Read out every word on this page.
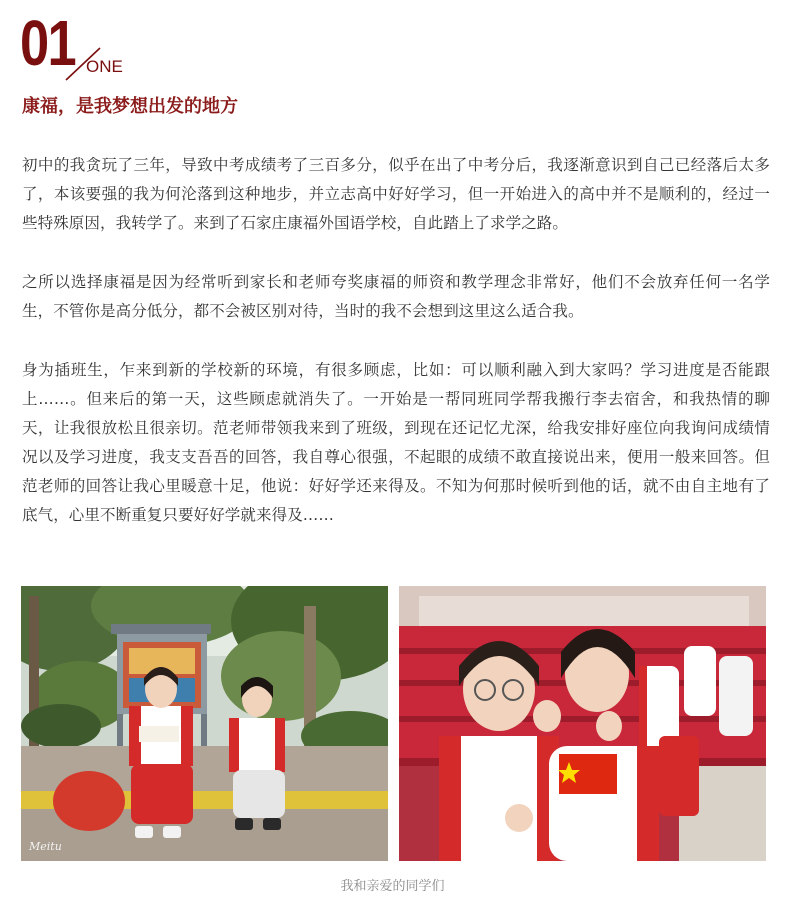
01 ONE
康福，是我梦想出发的地方

初中的我贪玩了三年，导致中考成绩考了三百多分，似乎在出了中考分后，我逐渐意识到自己已经落后太多了，本该要强的我为何沦落到这种地步，并立志高中好好学习，但一开始进入的高中并不是顺利的，经过一些特殊原因，我转学了。来到了石家庄康福外国语学校，自此踏上了求学之路。

之所以选择康福是因为经常听到家长和老师夸奖康福的师资和教学理念非常好，他们不会放弃任何一名学生，不管你是高分低分，都不会被区别对待，当时的我不会想到这里这么适合我。

身为插班生，乍来到新的学校新的环境，有很多顾虑，比如：可以顺利融入到大家吗？学习进度是否能跟上……。但来后的第一天，这些顾虑就消失了。一开始是一帮同班同学帮我搬行李去宿舍，和我热情的聊天，让我很放松且很亲切。范老师带领我来到了班级，到现在还记忆尤深，给我安排好座位向我询问成绩情况以及学习进度，我支支吾吾的回答，我自尊心很强，不起眼的成绩不敢直接说出来，便用一般来回答。但范老师的回答让我心里暖意十足，他说：好好学还来得及。不知为何那时候听到他的话，就不由自主地有了底气，心里不断重复只要好好学就来得及……

Meitu

我和亲爱的同学们
